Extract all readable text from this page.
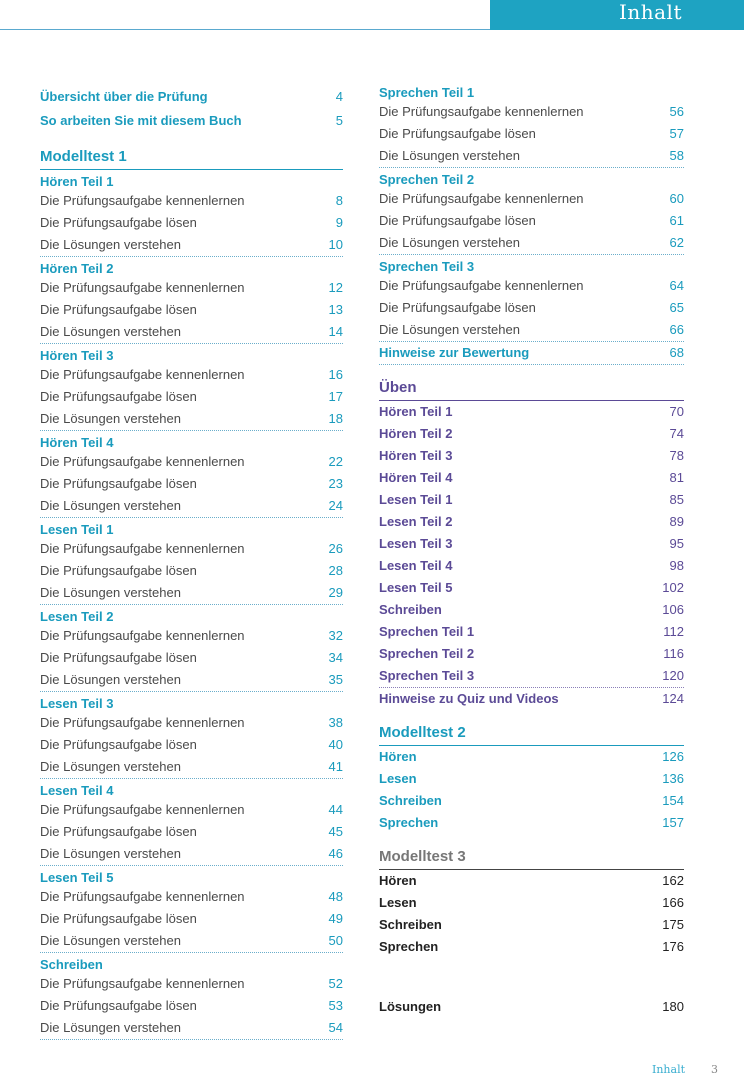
Inhalt
Übersicht über die Prüfung	4
So arbeiten Sie mit diesem Buch	5
Modelltest 1
Hören Teil 1
Die Prüfungsaufgabe kennenlernen	8
Die Prüfungsaufgabe lösen	9
Die Lösungen verstehen	10
Hören Teil 2
Die Prüfungsaufgabe kennenlernen	12
Die Prüfungsaufgabe lösen	13
Die Lösungen verstehen	14
Hören Teil 3
Die Prüfungsaufgabe kennenlernen	16
Die Prüfungsaufgabe lösen	17
Die Lösungen verstehen	18
Hören Teil 4
Die Prüfungsaufgabe kennenlernen	22
Die Prüfungsaufgabe lösen	23
Die Lösungen verstehen	24
Lesen Teil 1
Die Prüfungsaufgabe kennenlernen	26
Die Prüfungsaufgabe lösen	28
Die Lösungen verstehen	29
Lesen Teil 2
Die Prüfungsaufgabe kennenlernen	32
Die Prüfungsaufgabe lösen	34
Die Lösungen verstehen	35
Lesen Teil 3
Die Prüfungsaufgabe kennenlernen	38
Die Prüfungsaufgabe lösen	40
Die Lösungen verstehen	41
Lesen Teil 4
Die Prüfungsaufgabe kennenlernen	44
Die Prüfungsaufgabe lösen	45
Die Lösungen verstehen	46
Lesen Teil 5
Die Prüfungsaufgabe kennenlernen	48
Die Prüfungsaufgabe lösen	49
Die Lösungen verstehen	50
Schreiben
Die Prüfungsaufgabe kennenlernen	52
Die Prüfungsaufgabe lösen	53
Die Lösungen verstehen	54
Sprechen Teil 1
Die Prüfungsaufgabe kennenlernen	56
Die Prüfungsaufgabe lösen	57
Die Lösungen verstehen	58
Sprechen Teil 2
Die Prüfungsaufgabe kennenlernen	60
Die Prüfungsaufgabe lösen	61
Die Lösungen verstehen	62
Sprechen Teil 3
Die Prüfungsaufgabe kennenlernen	64
Die Prüfungsaufgabe lösen	65
Die Lösungen verstehen	66
Hinweise zur Bewertung	68
Üben
Hören Teil 1	70
Hören Teil 2	74
Hören Teil 3	78
Hören Teil 4	81
Lesen Teil 1	85
Lesen Teil 2	89
Lesen Teil 3	95
Lesen Teil 4	98
Lesen Teil 5	102
Schreiben	106
Sprechen Teil 1	112
Sprechen Teil 2	116
Sprechen Teil 3	120
Hinweise zu Quiz und Videos	124
Modelltest 2
Hören	126
Lesen	136
Schreiben	154
Sprechen	157
Modelltest 3
Hören	162
Lesen	166
Schreiben	175
Sprechen	176
Lösungen	180
Inhalt 3
